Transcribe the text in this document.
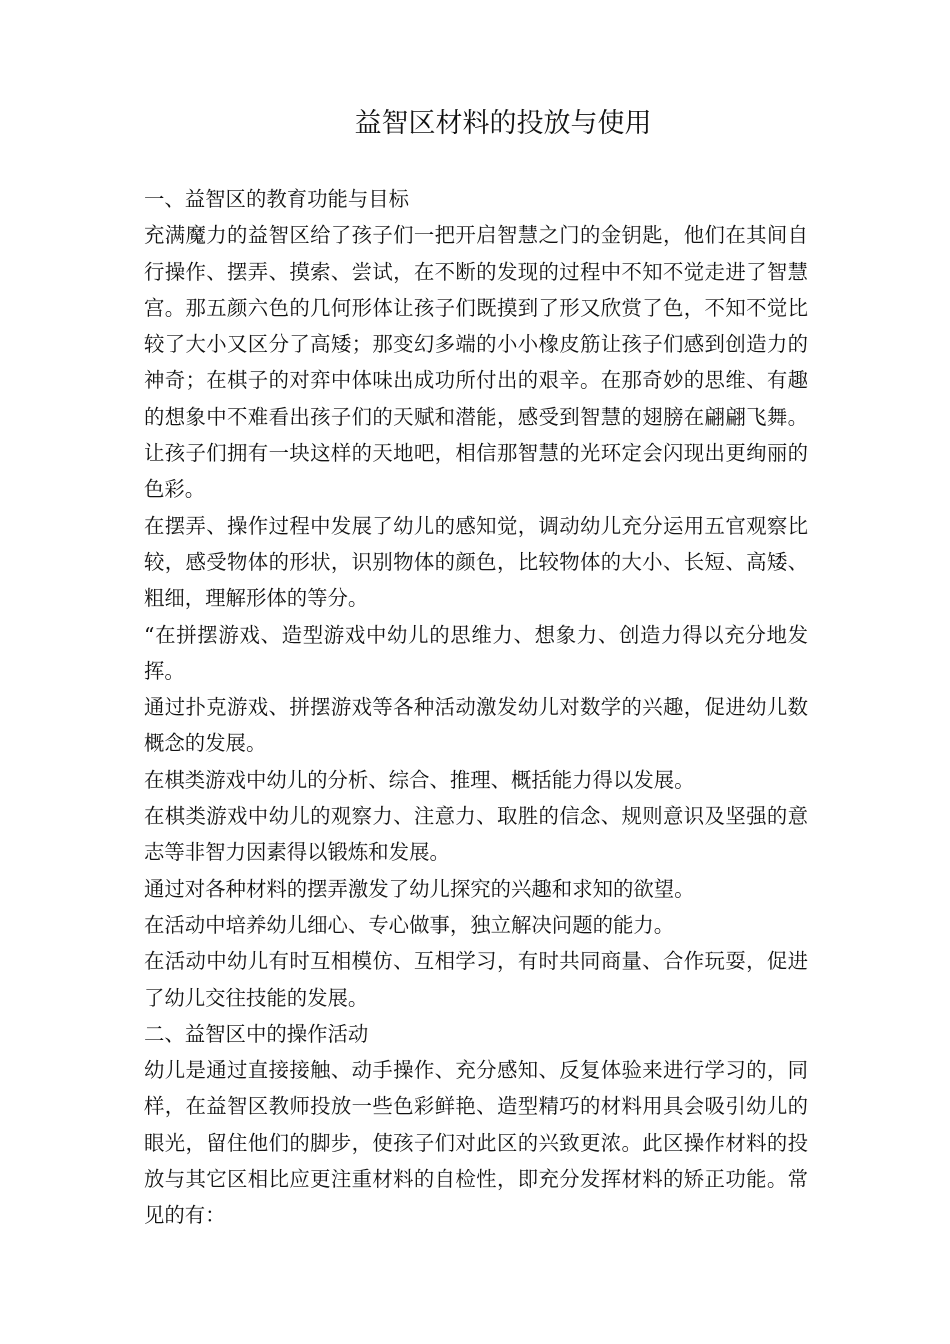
益智区材料的投放与使用

一、益智区的教育功能与目标

充满魔力的益智区给了孩子们一把开启智慧之门的金钥匙，他们在其间自行操作、摆弄、摸索、尝试，在不断的发现的过程中不知不觉走进了智慧宫。那五颜六色的几何形体让孩子们既摸到了形又欣赏了色，不知不觉比较了大小又区分了高矮；那变幻多端的小小橡皮筋让孩子们感到创造力的神奇；在棋子的对弈中体味出成功所付出的艰辛。在那奇妙的思维、有趣的想象中不难看出孩子们的天赋和潜能，感受到智慧的翅膀在翩翩飞舞。让孩子们拥有一块这样的天地吧，相信那智慧的光环定会闪现出更绚丽的色彩。

在摆弄、操作过程中发展了幼儿的感知觉，调动幼儿充分运用五官观察比较，感受物体的形状，识别物体的颜色，比较物体的大小、长短、高矮、粗细，理解形体的等分。

“在拼摆游戏、造型游戏中幼儿的思维力、想象力、创造力得以充分地发挥。

通过扑克游戏、拼摆游戏等各种活动激发幼儿对数学的兴趣，促进幼儿数概念的发展。

在棋类游戏中幼儿的分析、综合、推理、概括能力得以发展。

在棋类游戏中幼儿的观察力、注意力、取胜的信念、规则意识及坚强的意志等非智力因素得以锻炼和发展。

通过对各种材料的摆弄激发了幼儿探究的兴趣和求知的欲望。

在活动中培养幼儿细心、专心做事，独立解决问题的能力。

在活动中幼儿有时互相模仿、互相学习，有时共同商量、合作玩耍，促进了幼儿交往技能的发展。

二、益智区中的操作活动

幼儿是通过直接接触、动手操作、充分感知、反复体验来进行学习的，同样，在益智区教师投放一些色彩鲜艳、造型精巧的材料用具会吸引幼儿的眼光，留住他们的脚步，使孩子们对此区的兴致更浓。此区操作材料的投放与其它区相比应更注重材料的自检性，即充分发挥材料的矫正功能。常见的有：
